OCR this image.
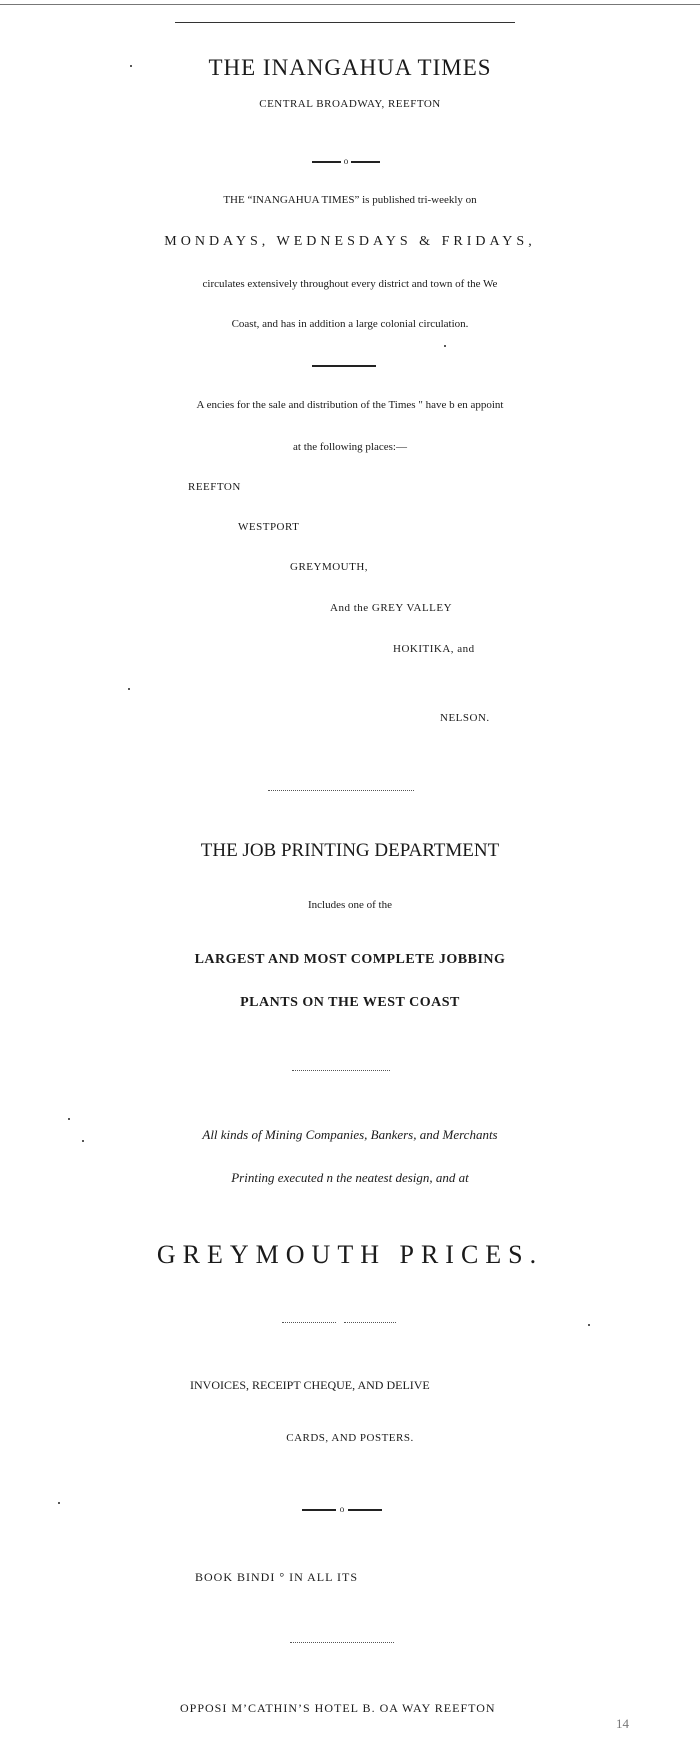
THE INANGAHUA TIMES
CENTRAL BROADWAY, REEFTON
o
THE “INANGAHUA TIMES” is published tri-weekly on
MONDAYS, WEDNESDAYS & FRIDAYS,
circulates extensively throughout every district and town of the We
Coast, and has in addition a large colonial circulation.
A encies for the sale and distribution of the Times " have b en appoint
at the following places:—
REEFTON
WESTPORT
GREYMOUTH,
And the GREY VALLEY
HOKITIKA, and
NELSON.
THE JOB PRINTING DEPARTMENT
Includes one of the
LARGEST AND MOST COMPLETE JOBBING
PLANTS ON THE WEST COAST
All kinds of Mining Companies, Bankers, and Merchants
Printing executed n the neatest design, and at
GREYMOUTH PRICES.
INVOICES, RECEIPT CHEQUE, AND DELIVE
CARDS, AND POSTERS.
o
BOOK BINDI ° IN ALL ITS
OPPOSI M’CATHIN’S HOTEL B. OA WAY REEFTON
14
